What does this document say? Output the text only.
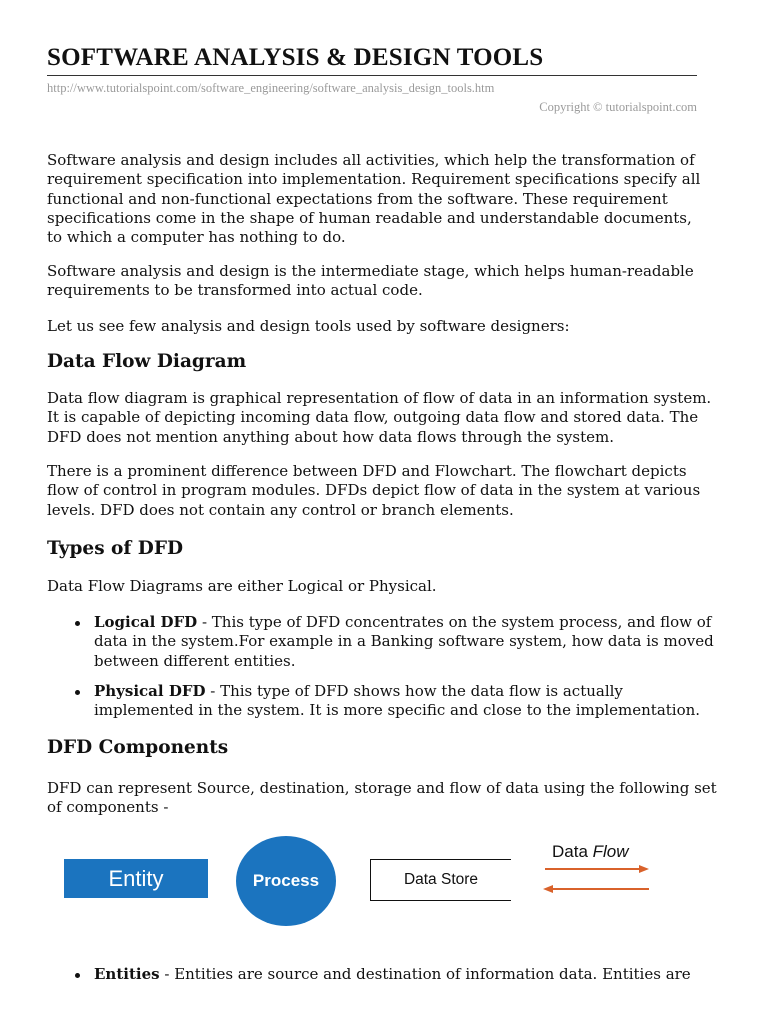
SOFTWARE ANALYSIS & DESIGN TOOLS
http://www.tutorialspoint.com/software_engineering/software_analysis_design_tools.htm
Copyright © tutorialspoint.com

Software analysis and design includes all activities, which help the transformation of
requirement specification into implementation. Requirement specifications specify all
functional and non-functional expectations from the software. These requirement
specifications come in the shape of human readable and understandable documents,
to which a computer has nothing to do.

Software analysis and design is the intermediate stage, which helps human-readable
requirements to be transformed into actual code.

Let us see few analysis and design tools used by software designers:

Data Flow Diagram

Data flow diagram is graphical representation of flow of data in an information system.
It is capable of depicting incoming data flow, outgoing data flow and stored data. The
DFD does not mention anything about how data flows through the system.

There is a prominent difference between DFD and Flowchart. The flowchart depicts
flow of control in program modules. DFDs depict flow of data in the system at various
levels. DFD does not contain any control or branch elements.

Types of DFD

Data Flow Diagrams are either Logical or Physical.

Logical DFD - This type of DFD concentrates on the system process, and flow of
data in the system.For example in a Banking software system, how data is moved
between different entities.
Physical DFD - This type of DFD shows how the data flow is actually
implemented in the system. It is more specific and close to the implementation.
DFD Components

DFD can represent Source, destination, storage and flow of data using the following set
of components -

Entity	Process	Data Store
Data Flow
Entities - Entities are source and destination of information data. Entities are
